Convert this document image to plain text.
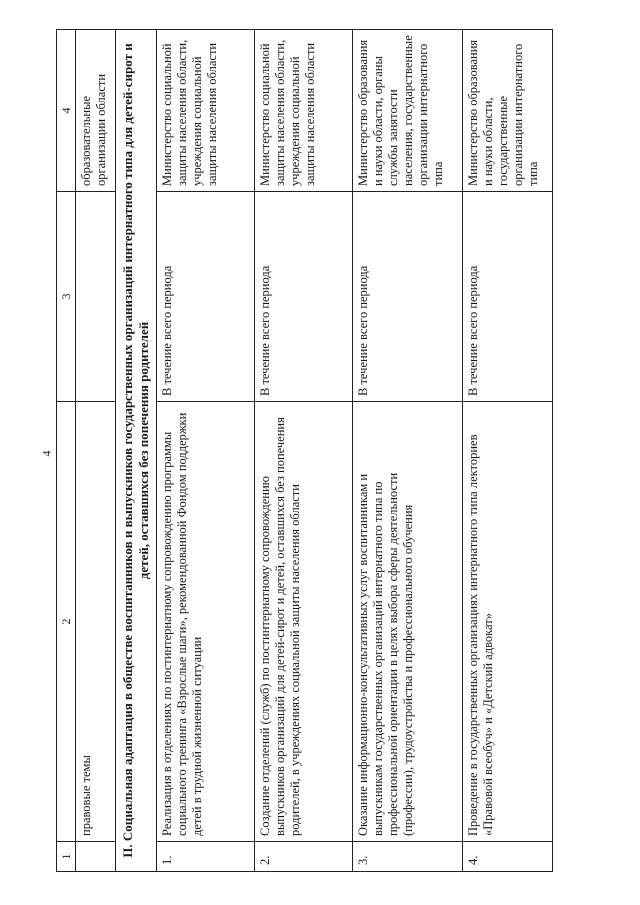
4
1	2	3	4
	правовые темы		образовательные организации области
II. Социальная адаптация в обществе воспитанников и выпускников государственных организаций интернатного типа для детей-сирот и детей, оставшихся без попечения родителей			
1.	Реализация в отделениях по постинтернатному сопровождению программы социального тренинга «Взрослые шаги», рекомендованной Фондом поддержки детей в трудной жизненной ситуации	В течение всего периода	Министерство социальной защиты населения области, учреждения социальной защиты населения области
2.	Создание отделений (служб) по постинтернатному сопровождению выпускников организаций для детей-сирот и детей, оставшихся без попечения родителей, в учреждениях социальной защиты населения области	В течение всего периода	Министерство социальной защиты населения области, учреждения социальной защиты населения области
3.	Оказание информационно-консультативных услуг воспитанникам и выпускникам государственных организаций интернатного типа по профессиональной ориентации в целях выбора сферы деятельности (профессии), трудоустройства и профессионального обучения	В течение всего периода	Министерство образования и науки области, органы службы занятости населения, государственные организации интернатного типа
4.	Проведение в государственных организациях интернатного типа лекториев «Правовой всеобуч» и «Детский адвокат»	В течение всего периода	Министерство образования и науки области, государственные организации интернатного типа
